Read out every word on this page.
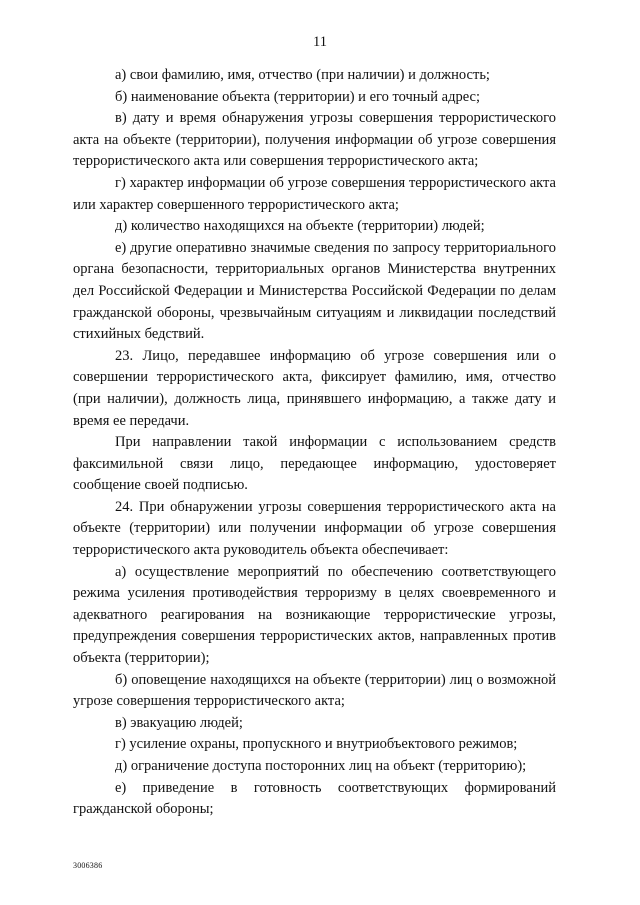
11

а) свои фамилию, имя, отчество (при наличии) и должность;

б) наименование объекта (территории) и его точный адрес;

в) дату и время обнаружения угрозы совершения террористического акта на объекте (территории), получения информации об угрозе совершения террористического акта или совершения террористического акта;

г) характер информации об угрозе совершения террористического акта или характер совершенного террористического акта;

д) количество находящихся на объекте (территории) людей;

е) другие оперативно значимые сведения по запросу территориального органа безопасности, территориальных органов Министерства внутренних дел Российской Федерации и Министерства Российской Федерации по делам гражданской обороны, чрезвычайным ситуациям и ликвидации последствий стихийных бедствий.

23. Лицо, передавшее информацию об угрозе совершения или о совершении террористического акта, фиксирует фамилию, имя, отчество (при наличии), должность лица, принявшего информацию, а также дату и время ее передачи.

При направлении такой информации с использованием средств факсимильной связи лицо, передающее информацию, удостоверяет сообщение своей подписью.

24. При обнаружении угрозы совершения террористического акта на объекте (территории) или получении информации об угрозе совершения террористического акта руководитель объекта обеспечивает:

а) осуществление мероприятий по обеспечению соответствующего режима усиления противодействия терроризму в целях своевременного и адекватного реагирования на возникающие террористические угрозы, предупреждения совершения террористических актов, направленных против объекта (территории);

б) оповещение находящихся на объекте (территории) лиц о возможной угрозе совершения террористического акта;

в) эвакуацию людей;

г) усиление охраны, пропускного и внутриобъектового режимов;

д) ограничение доступа посторонних лиц на объект (территорию);

е) приведение в готовность соответствующих формирований гражданской обороны;

3006386
